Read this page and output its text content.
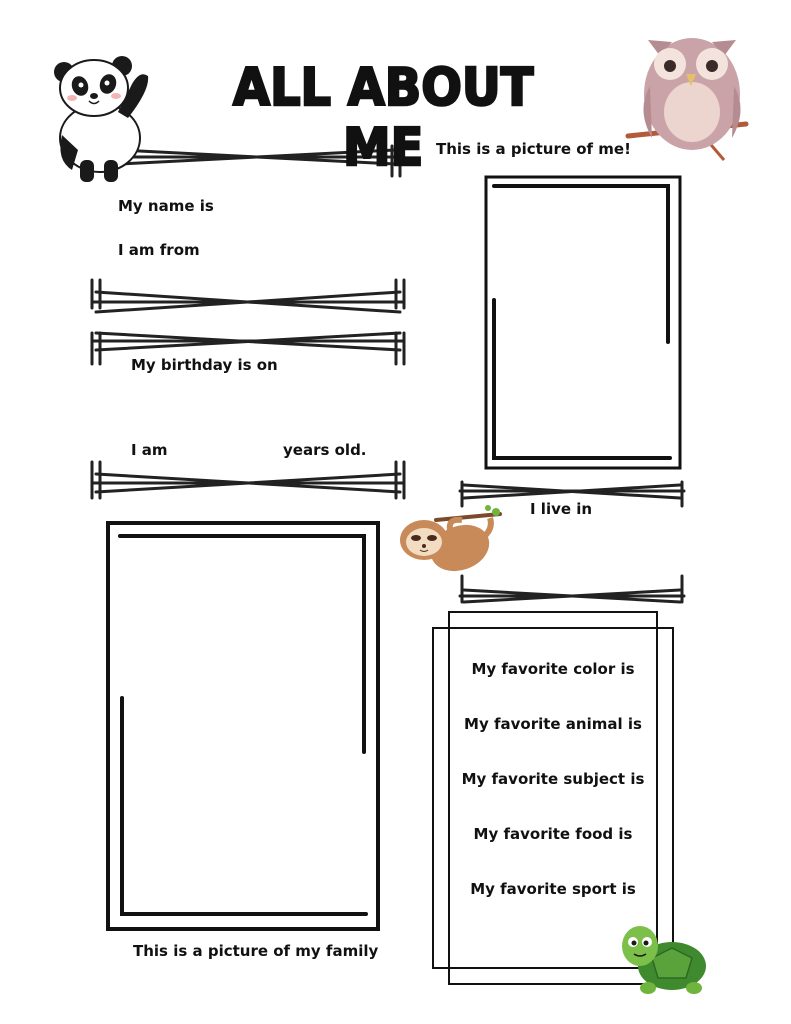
ALL ABOUT ME This is a picture of me!
My name is
I am from
My birthday is on
I am	years old.
I live in
My favorite color is
My favorite animal is
My favorite subject is
My favorite food is
My favorite sport is
This is a picture of my family
